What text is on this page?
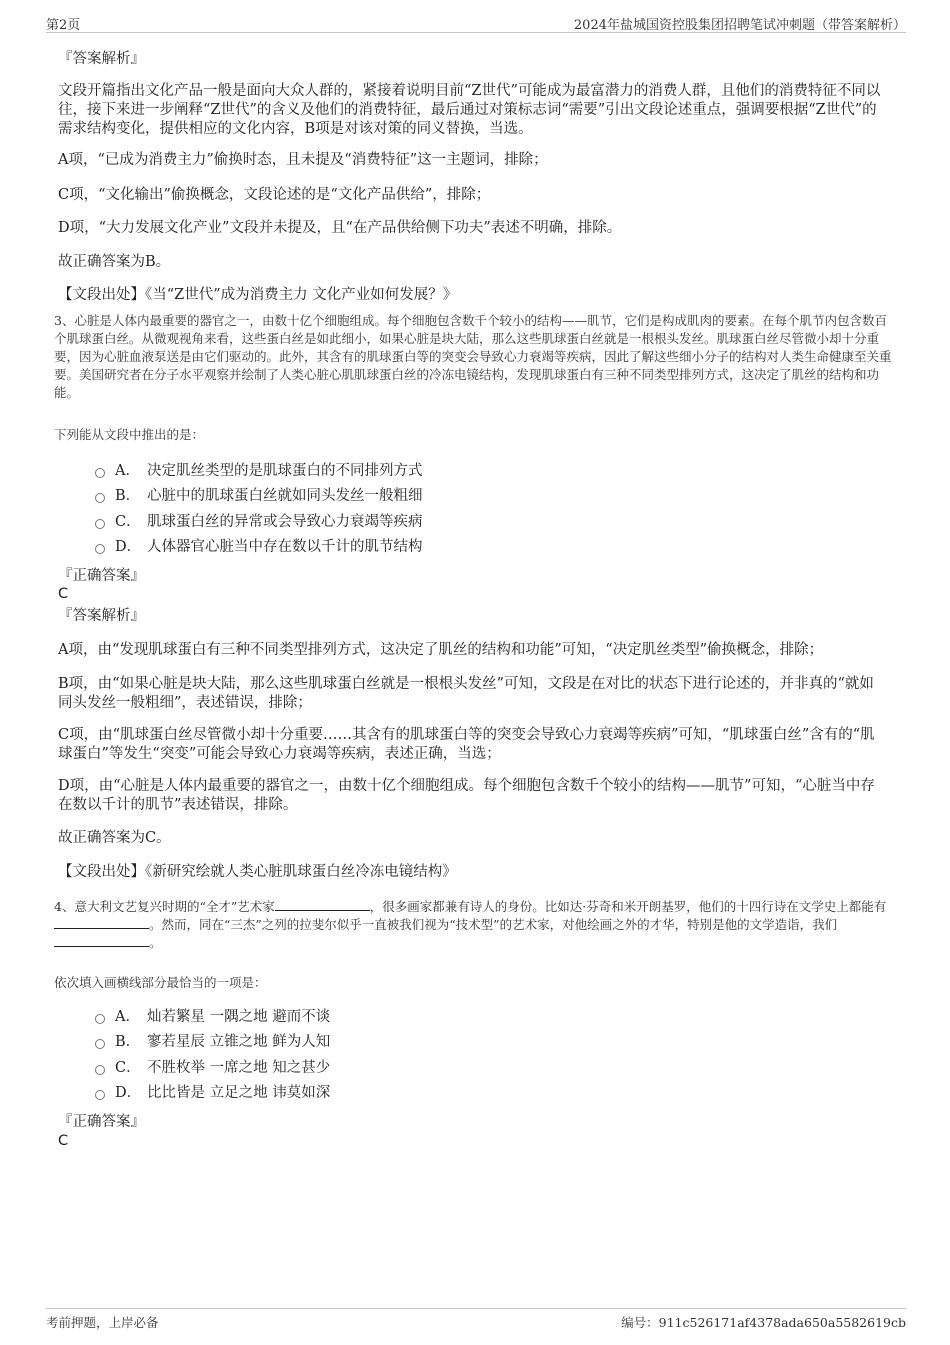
第2页	2024年盐城国资控股集团招聘笔试冲刺题（带答案解析）
『答案解析』

文段开篇指出文化产品一般是面向大众人群的，紧接着说明目前“Z世代”可能成为最富潜力的消费人群，且他们的消费特征不同以往，接下来进一步阐释“Z世代”的含义及他们的消费特征，最后通过对策标志词“需要”引出文段论述重点，强调要根据“Z世代”的需求结构变化，提供相应的文化内容，B项是对该对策的同义替换，当选。

A项，“已成为消费主力”偷换时态，且未提及“消费特征”这一主题词，排除；

C项，“文化输出”偷换概念，文段论述的是“文化产品供给”，排除；

D项，“大力发展文化产业”文段并未提及，且“在产品供给侧下功夫”表述不明确，排除。

故正确答案为B。

【文段出处】《当“Z世代”成为消费主力 文化产业如何发展？》

3、心脏是人体内最重要的器官之一，由数十亿个细胞组成。每个细胞包含数千个较小的结构——肌节，它们是构成肌肉的要素。在每个肌节内包含数百个肌球蛋白丝。从微观视角来看，这些蛋白丝是如此细小，如果心脏是块大陆，那么这些肌球蛋白丝就是一根根头发丝。肌球蛋白丝尽管微小却十分重要，因为心脏血液泵送是由它们驱动的。此外，其含有的肌球蛋白等的突变会导致心力衰竭等疾病，因此了解这些细小分子的结构对人类生命健康至关重要。美国研究者在分子水平观察并绘制了人类心脏心肌肌球蛋白丝的冷冻电镜结构，发现肌球蛋白有三种不同类型排列方式，这决定了肌丝的结构和功能。

下列能从文段中推出的是：

A． 决定肌丝类型的是肌球蛋白的不同排列方式
B． 心脏中的肌球蛋白丝就如同头发丝一般粗细
C． 肌球蛋白丝的异常或会导致心力衰竭等疾病
D． 人体器官心脏当中存在数以千计的肌节结构
『正确答案』
C
『答案解析』

A项，由“发现肌球蛋白有三种不同类型排列方式，这决定了肌丝的结构和功能”可知，“决定肌丝类型”偷换概念，排除；

B项，由“如果心脏是块大陆，那么这些肌球蛋白丝就是一根根头发丝”可知，文段是在对比的状态下进行论述的，并非真的“就如同头发丝一般粗细”，表述错误，排除；

C项，由“肌球蛋白丝尽管微小却十分重要……其含有的肌球蛋白等的突变会导致心力衰竭等疾病”可知，“肌球蛋白丝”含有的“肌球蛋白”等发生“突变”可能会导致心力衰竭等疾病，表述正确，当选；

D项，由“心脏是人体内最重要的器官之一，由数十亿个细胞组成。每个细胞包含数千个较小的结构——肌节”可知，“心脏当中存在数以千计的肌节”表述错误，排除。

故正确答案为C。

【文段出处】《新研究绘就人类心脏肌球蛋白丝冷冻电镜结构》

4、意大利文艺复兴时期的“全才”艺术家	，很多画家都兼有诗人的身份。比如达·芬奇和米开朗基罗，他们的十四行诗在文学史上都能有。然而，同在“三杰”之列的拉斐尔似乎一直被我们视为“技术型”的艺术家，对他绘画之外的才华，特别是他的文学造诣，我们。

依次填入画横线部分最恰当的一项是：

A． 灿若繁星 一隅之地 避而不谈
B． 寥若星辰 立锥之地 鲜为人知
C． 不胜枚举 一席之地 知之甚少
D． 比比皆是 立足之地 讳莫如深
『正确答案』
C
考前押题，上岸必备	编号：911c526171af4378ada650a5582619cb
